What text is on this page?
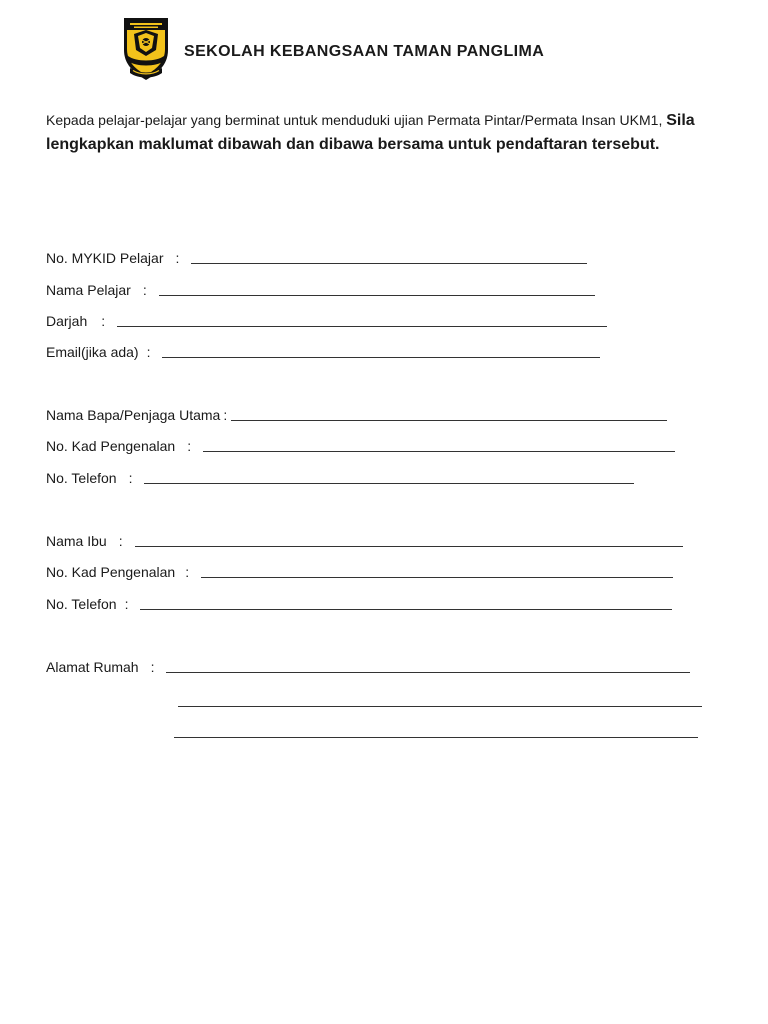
SEKOLAH KEBANGSAAN TAMAN PANGLIMA
Kepada pelajar-pelajar yang berminat untuk menduduki ujian Permata Pintar/Permata Insan UKM1, Sila lengkapkan maklumat dibawah dan dibawa bersama untuk pendaftaran tersebut.
No. MYKID Pelajar :
Nama Pelajar :
Darjah :
Email(jika ada) :
Nama Bapa/Penjaga Utama :
No. Kad Pengenalan :
No. Telefon :
Nama Ibu :
No. Kad Pengenalan :
No. Telefon :
Alamat Rumah :
